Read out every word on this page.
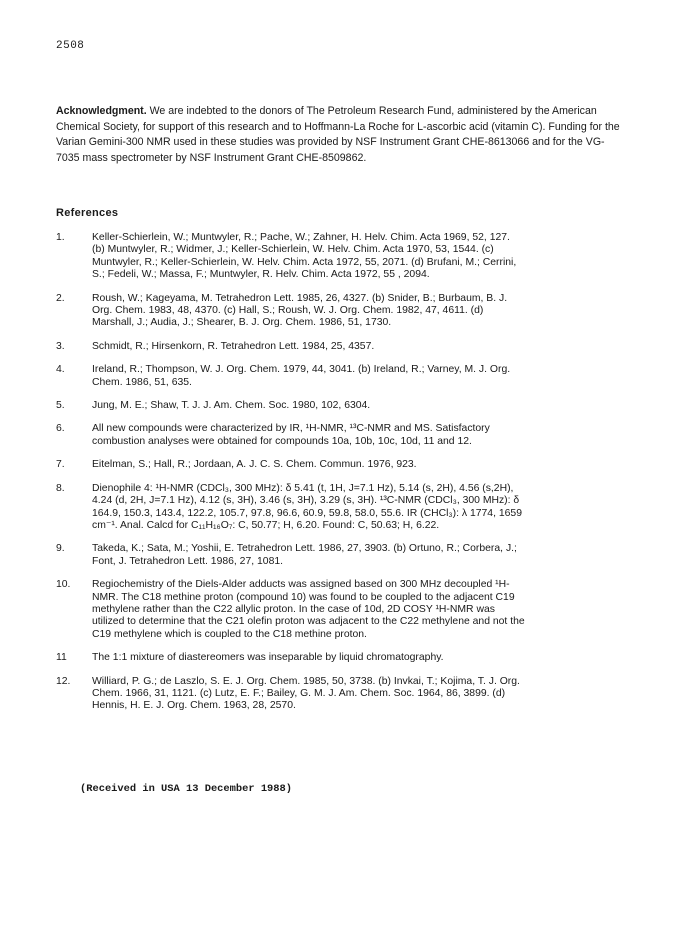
2508
Acknowledgment. We are indebted to the donors of The Petroleum Research Fund, administered by the American Chemical Society, for support of this research and to Hoffmann-La Roche for L-ascorbic acid (vitamin C). Funding for the Varian Gemini-300 NMR used in these studies was provided by NSF Instrument Grant CHE-8613066 and for the VG-7035 mass spectrometer by NSF Instrument Grant CHE-8509862.
References
1.	Keller-Schierlein, W.; Muntwyler, R.; Pache, W.; Zahner, H. Helv. Chim. Acta 1969, 52, 127.
(b) Muntwyler, R.; Widmer, J.; Keller-Schierlein, W. Helv. Chim. Acta 1970, 53, 1544. (c)
Muntwyler, R.; Keller-Schierlein, W. Helv. Chim. Acta 1972, 55, 2071. (d) Brufani, M.; Cerrini,
S.; Fedeli, W.; Massa, F.; Muntwyler, R. Helv. Chim. Acta 1972, 55 , 2094.
2.	Roush, W.; Kageyama, M. Tetrahedron Lett. 1985, 26, 4327. (b) Snider, B.; Burbaum, B. J.
Org. Chem. 1983, 48, 4370. (c) Hall, S.; Roush, W. J. Org. Chem. 1982, 47, 4611. (d)
Marshall, J.; Audia, J.; Shearer, B. J. Org. Chem. 1986, 51, 1730.
3.	Schmidt, R.; Hirsenkorn, R. Tetrahedron Lett. 1984, 25, 4357.
4.	Ireland, R.; Thompson, W. J. Org. Chem. 1979, 44, 3041. (b) Ireland, R.; Varney, M. J. Org.
Chem. 1986, 51, 635.
5.	Jung, M. E.; Shaw, T. J. J. Am. Chem. Soc. 1980, 102, 6304.
6.	All new compounds were characterized by IR, ¹H-NMR, ¹³C-NMR and MS. Satisfactory
combustion analyses were obtained for compounds 10a, 10b, 10c, 10d, 11 and 12.
7.	Eitelman, S.; Hall, R.; Jordaan, A. J. C. S. Chem. Commun. 1976, 923.
8.	Dienophile 4: ¹H-NMR (CDCl₃, 300 MHz): δ 5.41 (t, 1H, J=7.1 Hz), 5.14 (s, 2H), 4.56 (s,2H),
4.24 (d, 2H, J=7.1 Hz), 4.12 (s, 3H), 3.46 (s, 3H), 3.29 (s, 3H). ¹³C-NMR (CDCl₃, 300 MHz): δ
164.9, 150.3, 143.4, 122.2, 105.7, 97.8, 96.6, 60.9, 59.8, 58.0, 55.6. IR (CHCl₃): λ 1774, 1659
cm⁻¹. Anal. Calcd for C₁₁H₁₆O₇: C, 50.77; H, 6.20. Found: C, 50.63; H, 6.22.
9.	Takeda, K.; Sata, M.; Yoshii, E. Tetrahedron Lett. 1986, 27, 3903. (b) Ortuno, R.; Corbera, J.;
Font, J. Tetrahedron Lett. 1986, 27, 1081.
10.	Regiochemistry of the Diels-Alder adducts was assigned based on 300 MHz decoupled ¹H-
NMR. The C18 methine proton (compound 10) was found to be coupled to the adjacent C19
methylene rather than the C22 allylic proton. In the case of 10d, 2D COSY ¹H-NMR was
utilized to determine that the C21 olefin proton was adjacent to the C22 methylene and not the
C19 methylene which is coupled to the C18 methine proton.
11	The 1:1 mixture of diastereomers was inseparable by liquid chromatography.
12.	Williard, P. G.; de Laszlo, S. E. J. Org. Chem. 1985, 50, 3738. (b) Invkai, T.; Kojima, T. J. Org.
Chem. 1966, 31, 1121. (c) Lutz, E. F.; Bailey, G. M. J. Am. Chem. Soc. 1964, 86, 3899. (d)
Hennis, H. E. J. Org. Chem. 1963, 28, 2570.
(Received in USA 13 December 1988)
